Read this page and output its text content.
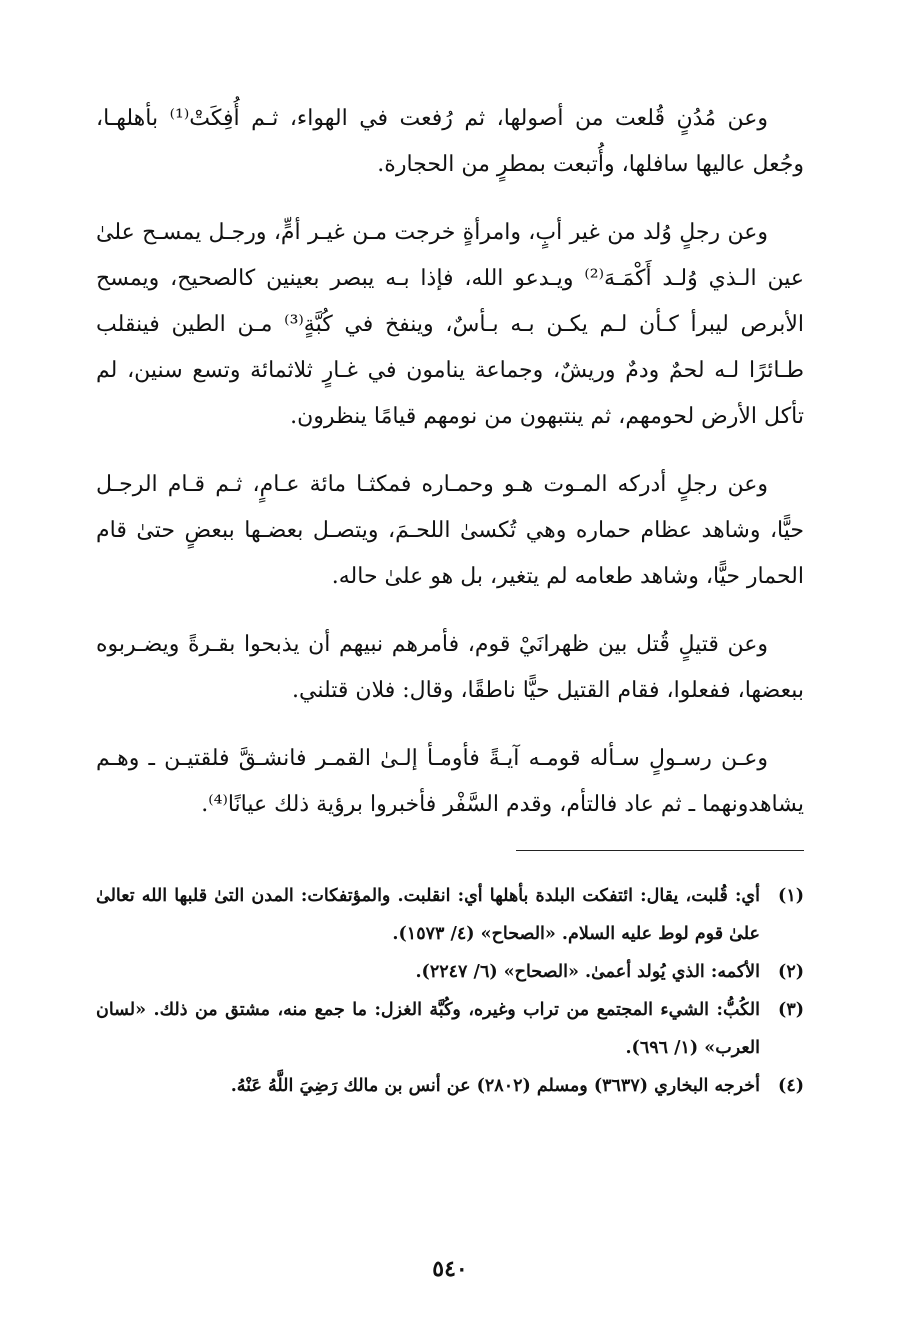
وعن مُدُنٍ قُلعت من أصولها، ثم رُفعت في الهواء، ثـم أُفِكَتْ⁽¹⁾ بأهلهـا، وجُعل عاليها سافلها، وأُتبعت بمطرٍ من الحجارة.

وعن رجلٍ وُلد من غير أبٍ، وامرأةٍ خرجت مـن غيـر أمٍّ، ورجـل يمسـح علىٰ عين الـذي وُلـد أَكْمَـهَ⁽²⁾ ويـدعو الله، فإذا بـه يبصر بعينين كالصحيح، ويمسح الأبرص ليبرأ كـأن لـم يكـن بـه بـأسٌ، وينفخ في كُبَّةٍ⁽³⁾ مـن الطين فينقلب طـائرًا لـه لحمٌ ودمٌ وريشٌ، وجماعة ينامون في غـارٍ ثلاثمائة وتسع سنين، لم تأكل الأرض لحومهم، ثم ينتبهون من نومهم قيامًا ينظرون.

وعن رجلٍ أدركه المـوت هـو وحمـاره فمكثـا مائة عـامٍ، ثـم قـام الرجـل حيًّا، وشاهد عظام حماره وهي تُكسىٰ اللحـمَ، ويتصـل بعضـها ببعضٍ حتىٰ قام الحمار حيًّا، وشاهد طعامه لم يتغير، بل هو علىٰ حاله.

وعن قتيلٍ قُتل بين ظهرانَيْ قوم، فأمرهم نبيهم أن يذبحوا بقـرةً ويضـربوه ببعضها، ففعلوا، فقام القتيل حيًّا ناطقًا، وقال: فلان قتلني.

وعـن رسـولٍ سـأله قومـه آيـةً فأومـأ إلـىٰ القمـر فانشـقَّ فلقتيـن ـ وهـم يشاهدونهما ـ ثم عاد فالتأم، وقدم السَّفْر فأخبروا برؤية ذلك عيانًا⁽⁴⁾.

(١)
أي: قُلبت، يقال: ائتفكت البلدة بأهلها أي: انقلبت. والمؤتفكات: المدن التىٰ قلبها الله تعالىٰ علىٰ قوم لوط عليه السلام. «الصحاح» (٤/ ١٥٧٣).
(٢)
الأكمه: الذي يُولد أعمىٰ. «الصحاح» (٦/ ٢٢٤٧).
(٣)
الكُبُّ: الشيء المجتمع من تراب وغيره، وكُبَّة الغزل: ما جمع منه، مشتق من ذلك. «لسان العرب» (١/ ٦٩٦).
(٤)
أخرجه البخاري (٣٦٣٧) ومسلم (٢٨٠٢) عن أنس بن مالك رَضِيَ اللَّهُ عَنْهُ.
٥٤٠
